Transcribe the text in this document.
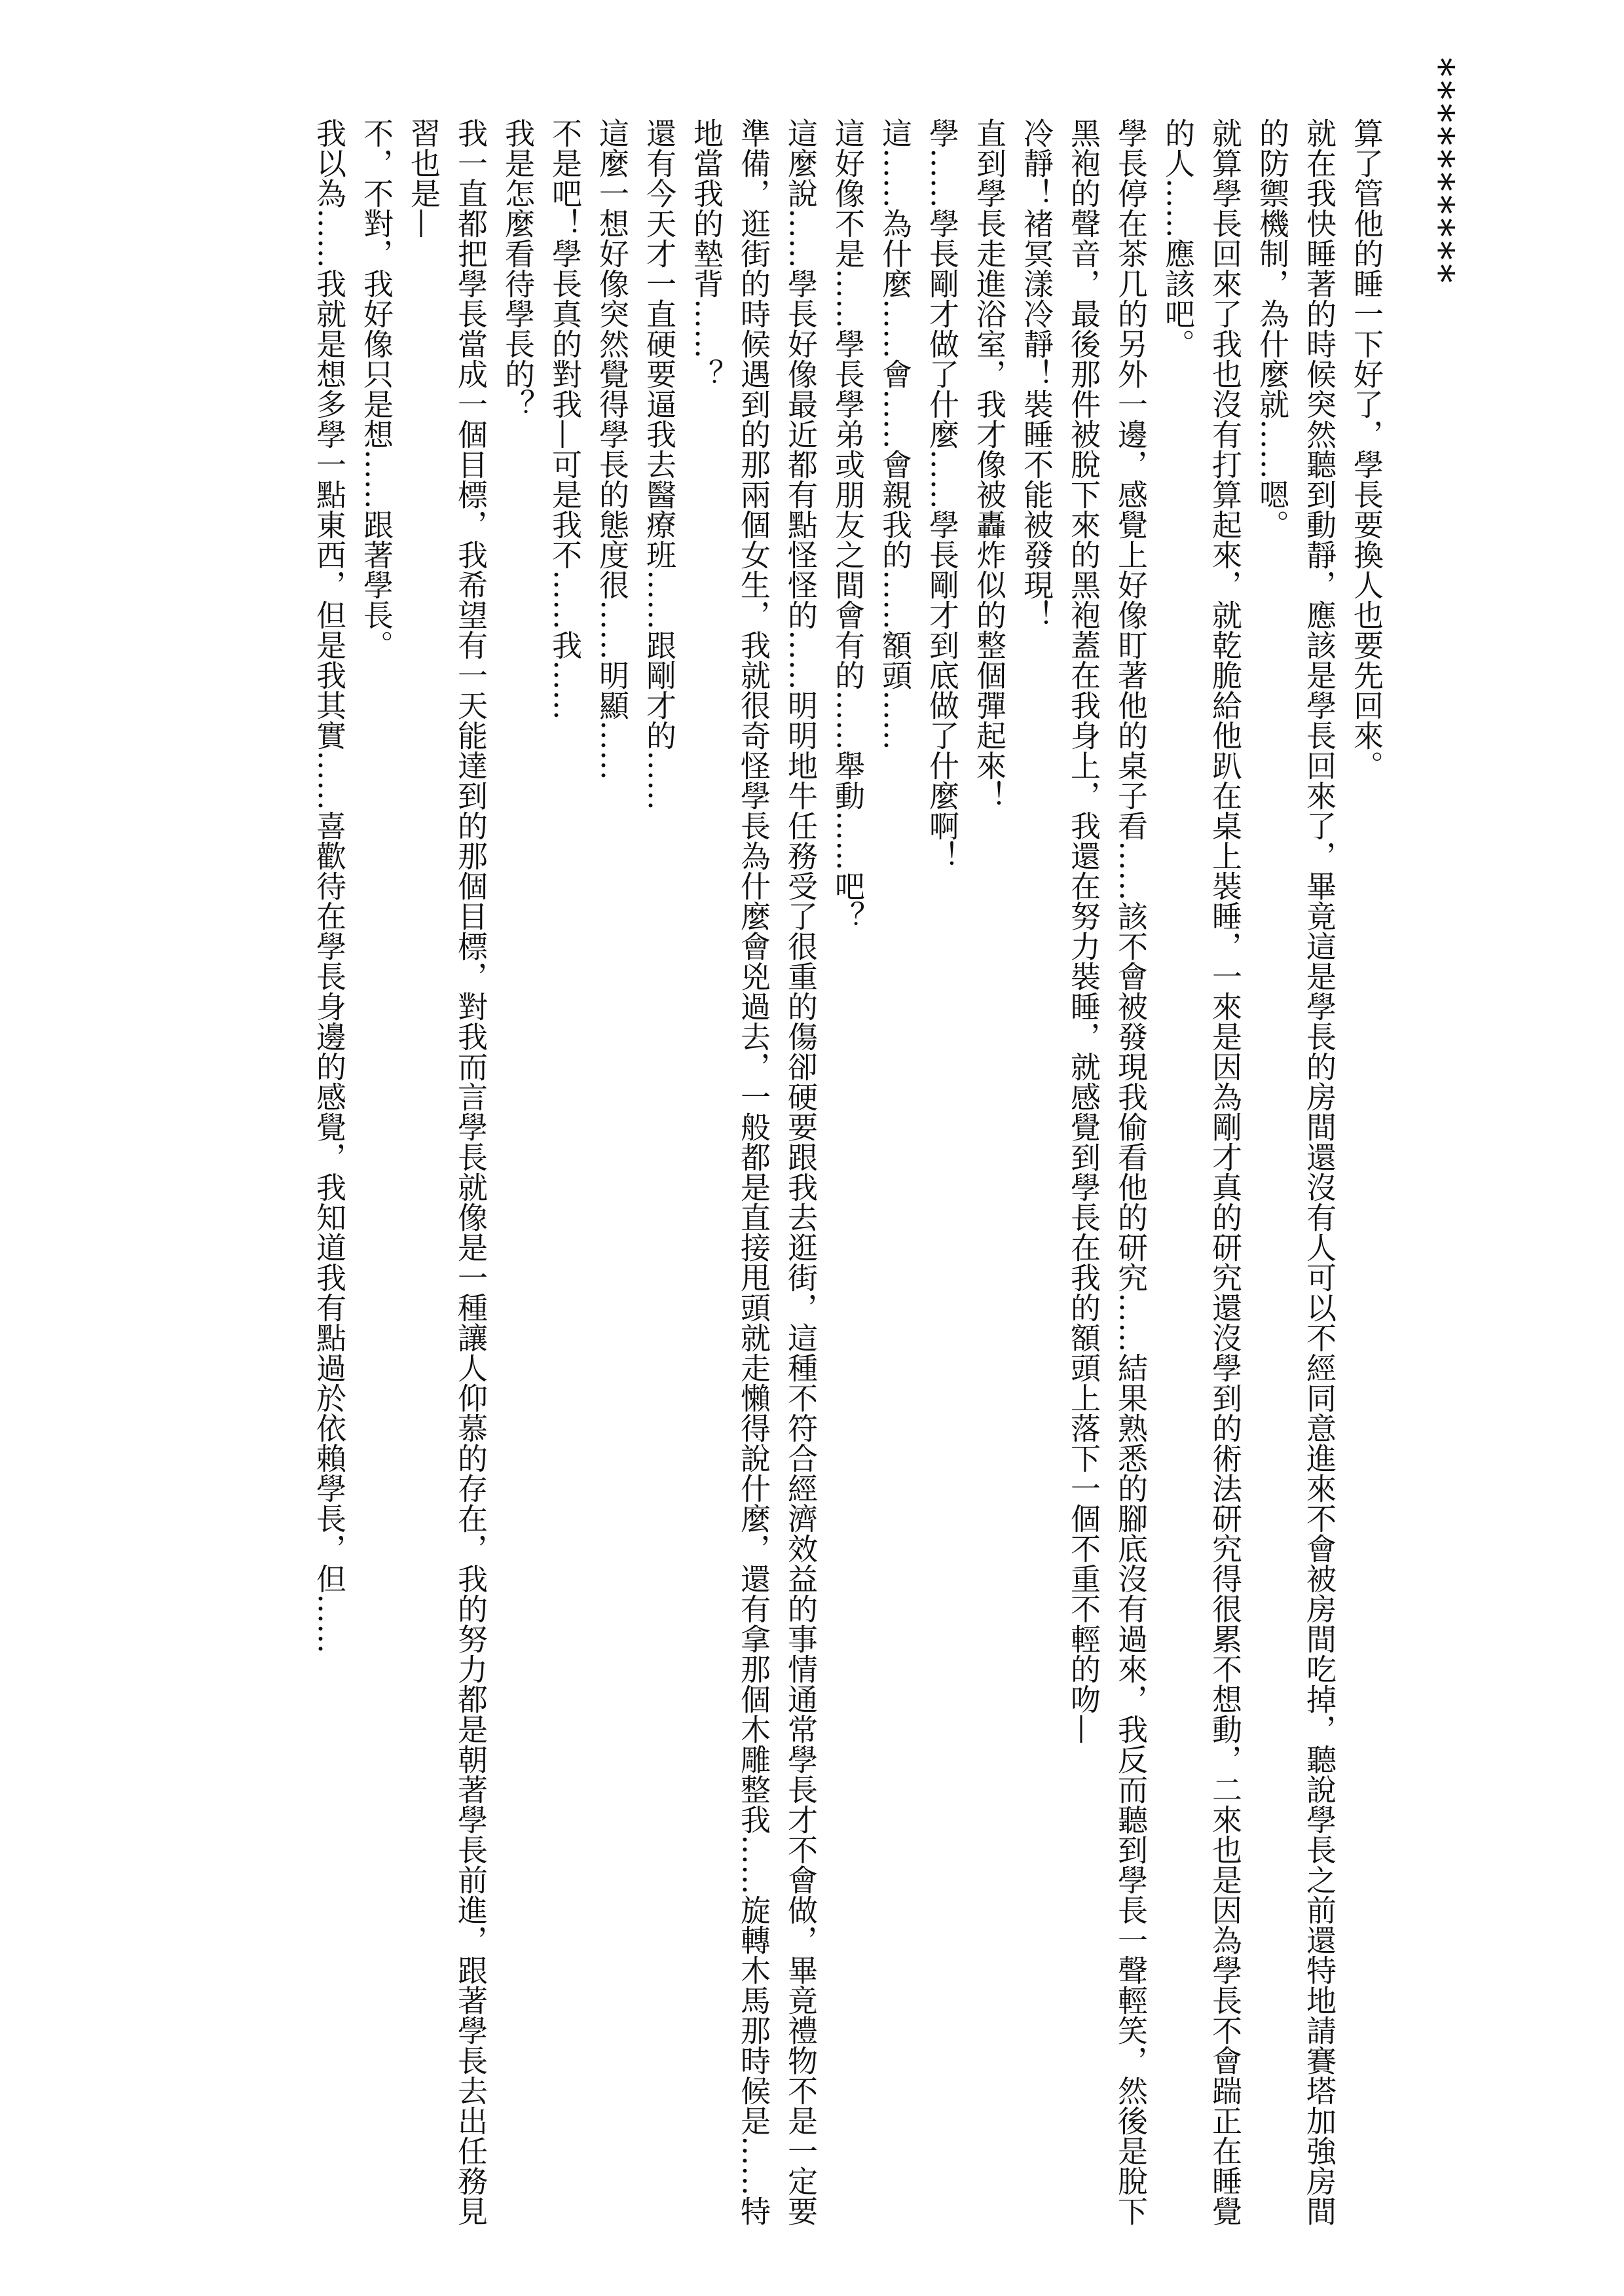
**********
算了管他的睡一下好了，學長要換人也要先回來。
就在我快睡著的時候突然聽到動靜，應該是學長回來了，畢竟這是學長的房間還沒有人可以不經同意進來不會被房間吃掉，聽說學長之前還特地請賽塔加強房間的防禦機制，為什麼就……嗯。
就算學長回來了我也沒有打算起來，就乾脆給他趴在桌上裝睡，一來是因為剛才真的研究還沒學到的術法研究得很累不想動，二來也是因為學長不會踹正在睡覺的人……應該吧。
學長停在茶几的另外一邊，感覺上好像盯著他的桌子看……該不會被發現我偷看他的研究……結果熟悉的腳底沒有過來，我反而聽到學長一聲輕笑，然後是脫下黑袍的聲音，最後那件被脫下來的黑袍蓋在我身上，我還在努力裝睡，就感覺到學長在我的額頭上落下一個不重不輕的吻—
冷靜！褚冥漾冷靜！裝睡不能被發現！
直到學長走進浴室，我才像被轟炸似的整個彈起來！
學……學長剛才做了什麼……學長剛才到底做了什麼啊！
這……為什麼……會……會親我的……額頭……
這好像不是……學長學弟或朋友之間會有的……舉動……吧？
這麼說……學長好像最近都有點怪怪的……明明地牛任務受了很重的傷卻硬要跟我去逛街，這種不符合經濟效益的事情通常學長才不會做，畢竟禮物不是一定要準備，逛街的時候遇到的那兩個女生，我就很奇怪學長為什麼會兇過去，一般都是直接甩頭就走懶得說什麼，還有拿那個木雕整我……旋轉木馬那時候是……特地當我的墊背……？
還有今天才一直硬要逼我去醫療班……跟剛才的……
這麼一想好像突然覺得學長的態度很……明顯……
不是吧！學長真的對我—可是我不……我……
我是怎麼看待學長的？
我一直都把學長當成一個目標，我希望有一天能達到的那個目標，對我而言學長就像是一種讓人仰慕的存在，我的努力都是朝著學長前進，跟著學長去出任務見習也是—
不，不對，我好像只是想……跟著學長。
我以為……我就是想多學一點東西，但是我其實……喜歡待在學長身邊的感覺，我知道我有點過於依賴學長，但……
